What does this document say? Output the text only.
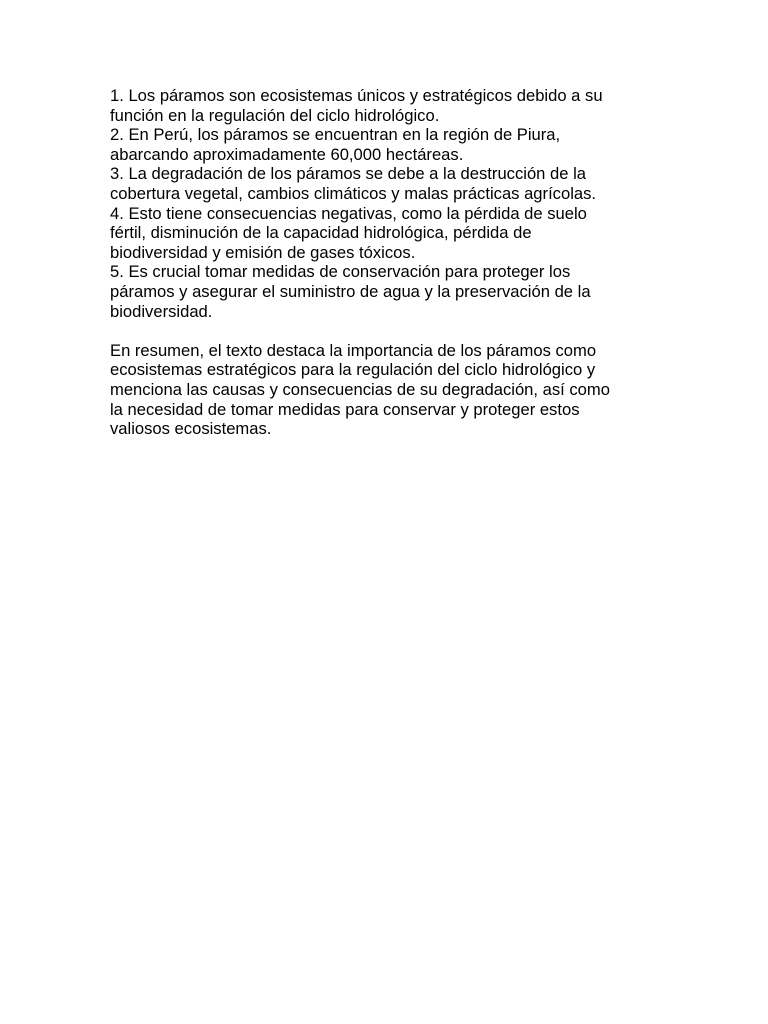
1. Los páramos son ecosistemas únicos y estratégicos debido a su
función en la regulación del ciclo hidrológico.
2. En Perú, los páramos se encuentran en la región de Piura,
abarcando aproximadamente 60,000 hectáreas.
3. La degradación de los páramos se debe a la destrucción de la
cobertura vegetal, cambios climáticos y malas prácticas agrícolas.
4. Esto tiene consecuencias negativas, como la pérdida de suelo
fértil, disminución de la capacidad hidrológica, pérdida de
biodiversidad y emisión de gases tóxicos.
5. Es crucial tomar medidas de conservación para proteger los
páramos y asegurar el suministro de agua y la preservación de la
biodiversidad.
En resumen, el texto destaca la importancia de los páramos como
ecosistemas estratégicos para la regulación del ciclo hidrológico y
menciona las causas y consecuencias de su degradación, así como
la necesidad de tomar medidas para conservar y proteger estos
valiosos ecosistemas.
